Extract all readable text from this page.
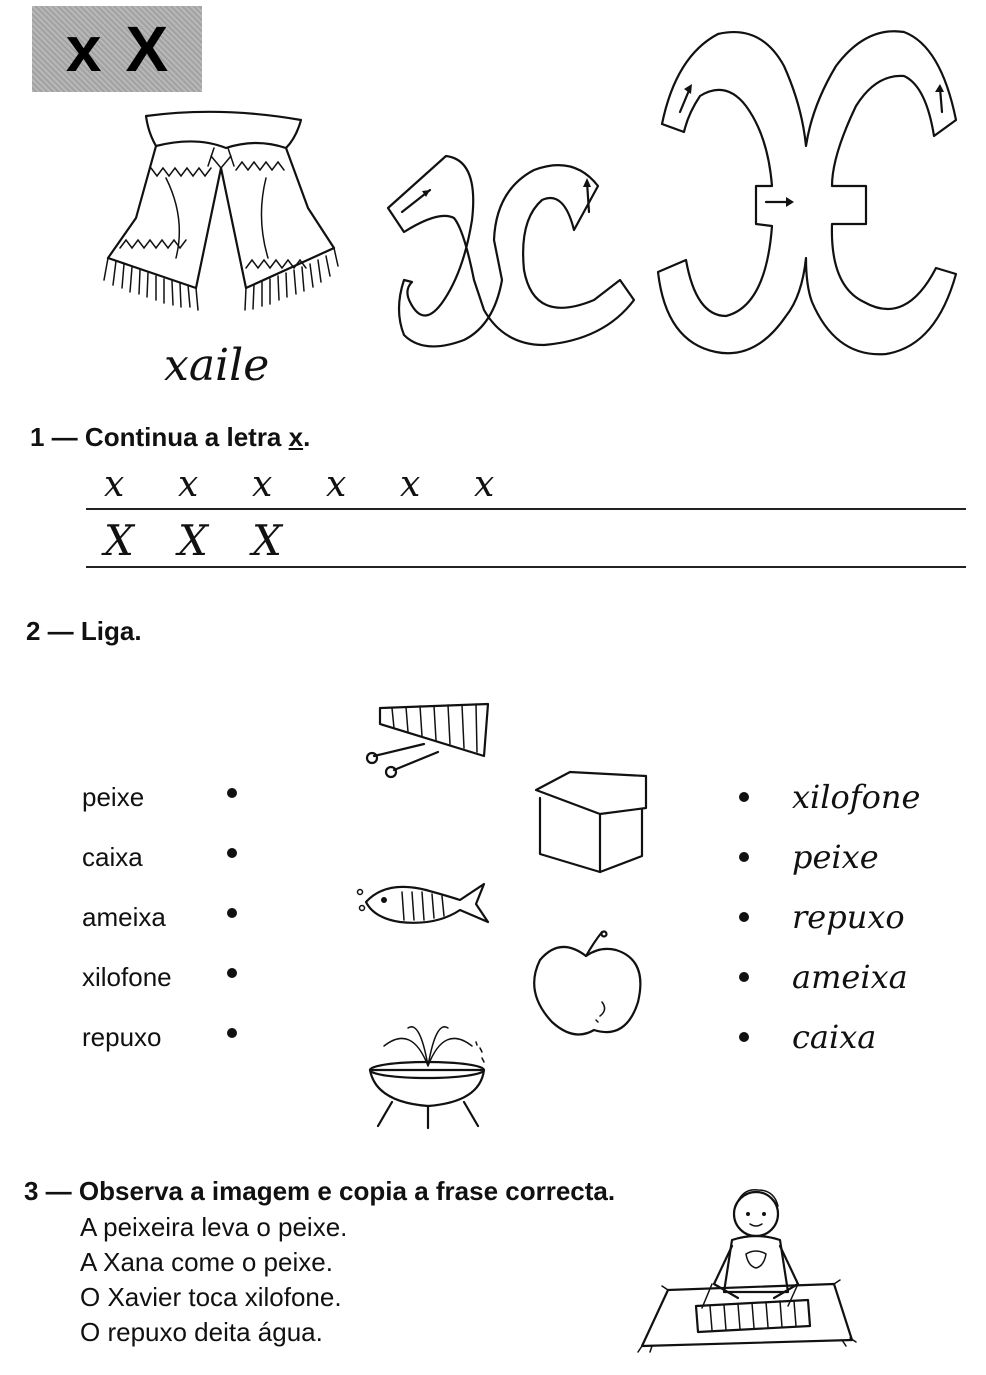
x X
xaile
1 — Continua a letra x.
x x x x x x
X X X
2 — Liga.
peixe
caixa
ameixa
xilofone
repuxo
xilofone
peixe
repuxo
ameixa
caixa
3 — Observa a imagem e copia a frase correcta.
A peixeira leva o peixe.
A Xana come o peixe.
O Xavier toca xilofone.
O repuxo deita água.
